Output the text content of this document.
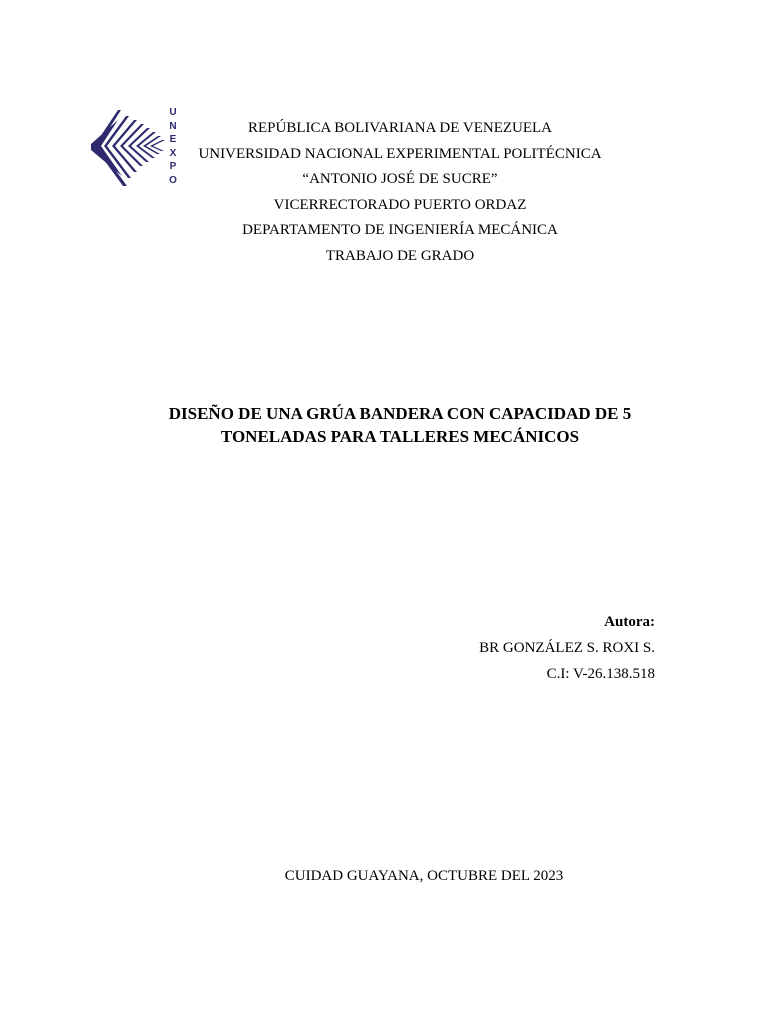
U
N
E
X
P
O
REPÚBLICA BOLIVARIANA DE VENEZUELA
UNIVERSIDAD NACIONAL EXPERIMENTAL POLITÉCNICA
“ANTONIO JOSÉ DE SUCRE”
VICERRECTORADO PUERTO ORDAZ
DEPARTAMENTO DE INGENIERÍA MECÁNICA
TRABAJO DE GRADO
DISEÑO DE UNA GRÚA BANDERA CON CAPACIDAD DE 5
TONELADAS PARA TALLERES MECÁNICOS
Autora:
BR GONZÁLEZ S. ROXI S.
C.I: V-26.138.518
CUIDAD GUAYANA, OCTUBRE DEL 2023
